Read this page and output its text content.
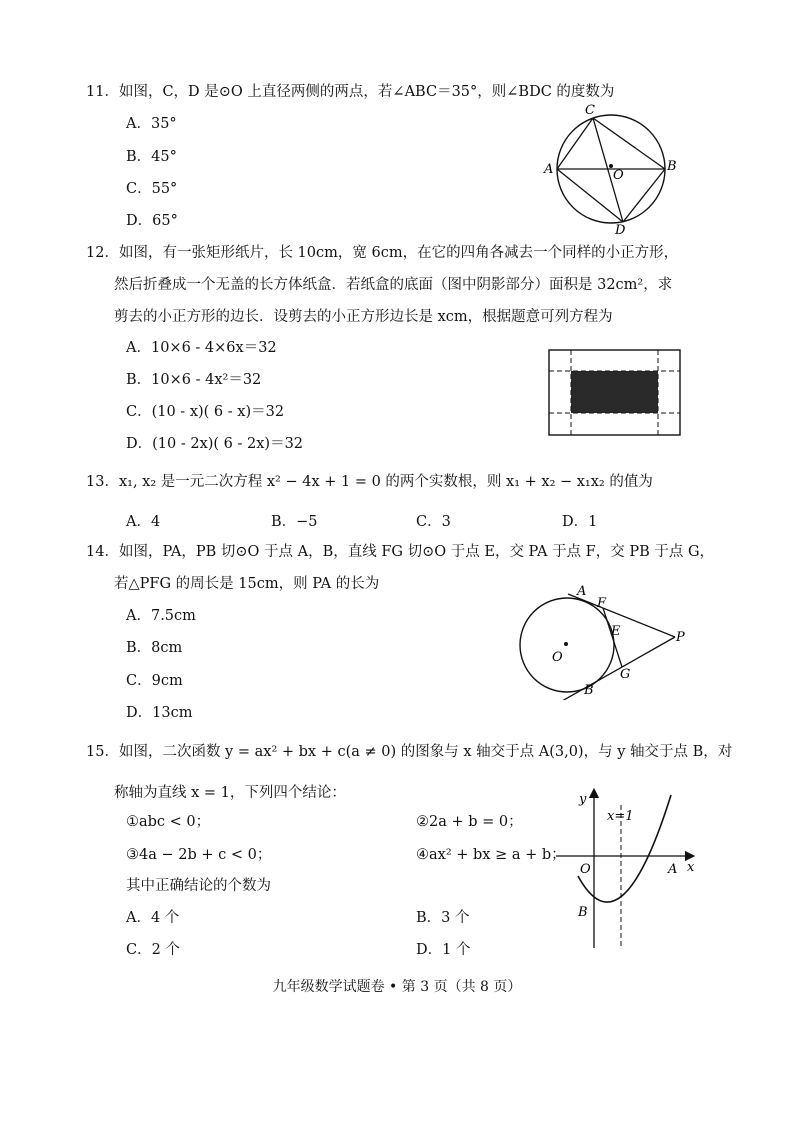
11．如图，C，D 是⊙O 上直径两侧的两点，若∠ABC＝35°，则∠BDC 的度数为
A．35°
B．45°
C．55°
D．65°
C
A	B
O
D
12．如图，有一张矩形纸片，长 10cm，宽 6cm，在它的四角各减去一个同样的小正方形，
然后折叠成一个无盖的长方体纸盒．若纸盒的底面（图中阴影部分）面积是 32cm²，求
剪去的小正方形的边长．设剪去的小正方形边长是 xcm，根据题意可列方程为
A．10×6 - 4×6x＝32
B．10×6 - 4x²＝32
C．(10 - x)( 6 - x)＝32
D．(10 - 2x)( 6 - 2x)＝32
13．x₁, x₂ 是一元二次方程 x² − 4x + 1 = 0 的两个实数根，则 x₁ + x₂ − x₁x₂ 的值为
A．4	B．−5	C．3	D．1
14．如图，PA，PB 切⊙O 于点 A，B，直线 FG 切⊙O 于点 E，交 PA 于点 F，交 PB 于点 G，
若△PFG 的周长是 15cm，则 PA 的长为
A．7.5cm
B．8cm
C．9cm
D．13cm
A
F
E	P
O
G
B
15．如图，二次函数 y = ax² + bx + c(a ≠ 0) 的图象与 x 轴交于点 A(3,0)，与 y 轴交于点 B，对
称轴为直线 x = 1，下列四个结论：
①abc < 0；	②2a + b = 0；
③4a − 2b + c < 0；	④ax² + bx ≥ a + b；
其中正确结论的个数为
A．4 个	B．3 个
C．2 个	D．1 个
y
x
x=1
O	A
B
九年级数学试题卷 • 第 3 页（共 8 页）
